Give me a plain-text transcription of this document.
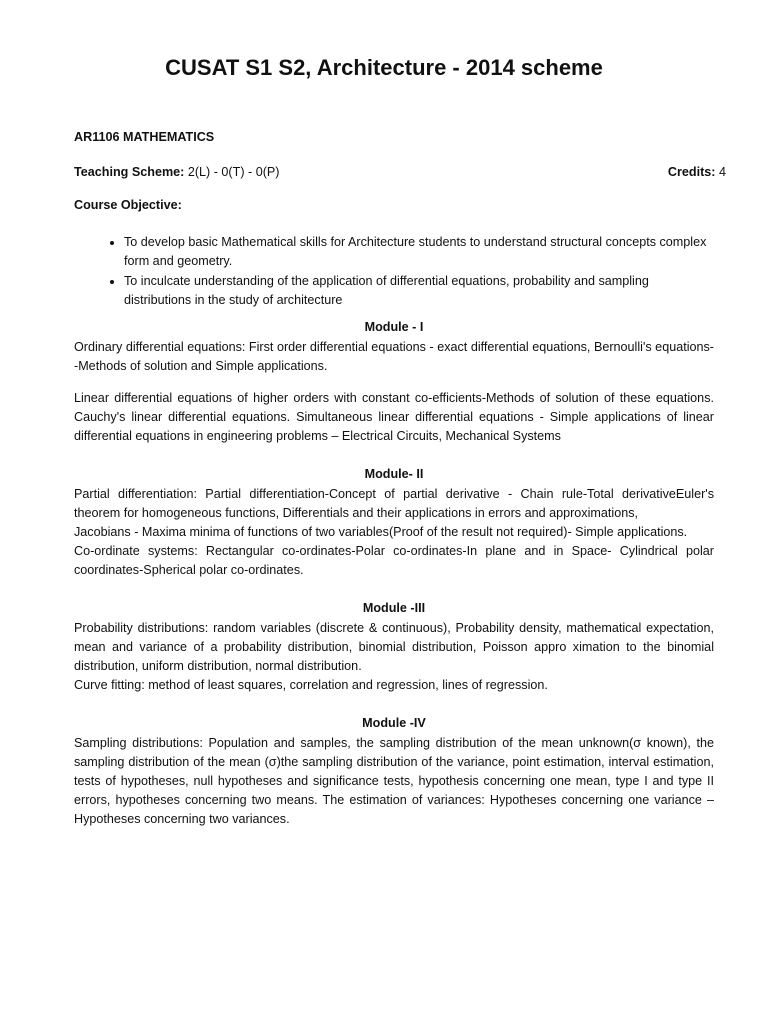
CUSAT S1 S2, Architecture - 2014 scheme
AR1106 MATHEMATICS
Teaching Scheme: 2(L) - 0(T) - 0(P)	Credits: 4
Course Objective:
• To develop basic Mathematical skills for Architecture students to understand structural concepts complex form and geometry.
• To inculcate understanding of the application of differential equations, probability and sampling distributions in the study of architecture
Module - I

Ordinary differential equations: First order differential equations - exact differential equations, Bernoulli's equations--Methods of solution and Simple applications.

Linear differential equations of higher orders with constant co-efficients-Methods of solution of these equations. Cauchy's linear differential equations. Simultaneous linear differential equations - Simple applications of linear differential equations in engineering problems – Electrical Circuits, Mechanical Systems

Module- II

Partial differentiation: Partial differentiation-Concept of partial derivative - Chain rule-Total derivativeEuler's theorem for homogeneous functions, Differentials and their applications in errors and approximations,

Jacobians - Maxima minima of functions of two variables(Proof of the result not required)- Simple applications.

Co-ordinate systems: Rectangular co-ordinates-Polar co-ordinates-In plane and in Space- Cylindrical polar coordinates-Spherical polar co-ordinates.

Module -III

Probability distributions: random variables (discrete & continuous), Probability density, mathematical expectation, mean and variance of a probability distribution, binomial distribution, Poisson appro ximation to the binomial distribution, uniform distribution, normal distribution.

Curve fitting: method of least squares, correlation and regression, lines of regression.

Module -IV

Sampling distributions: Population and samples, the sampling distribution of the mean unknown(σ known), the sampling distribution of the mean (σ)the sampling distribution of the variance, point estimation, interval estimation, tests of hypotheses, null hypotheses and significance tests, hypothesis concerning one mean, type I and type II errors, hypotheses concerning two means. The estimation of variances: Hypotheses concerning one variance – Hypotheses concerning two variances.
